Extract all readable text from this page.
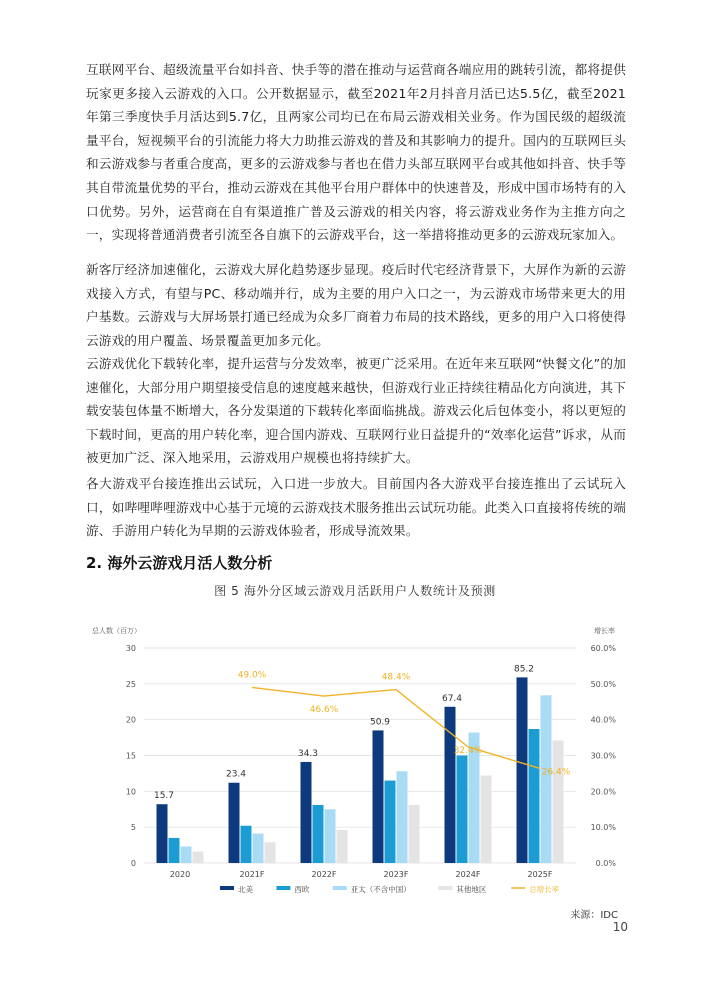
互联网平台、超级流量平台如抖音、快手等的潜在推动与运营商各端应用的跳转引流，都将提供玩家更多接入云游戏的入口。公开数据显示，截至2021年2月抖音月活已达5.5亿，截至2021年第三季度快手月活达到5.7亿，且两家公司均已在布局云游戏相关业务。作为国民级的超级流量平台，短视频平台的引流能力将大力助推云游戏的普及和其影响力的提升。国内的互联网巨头和云游戏参与者重合度高，更多的云游戏参与者也在借力头部互联网平台或其他如抖音、快手等其自带流量优势的平台，推动云游戏在其他平台用户群体中的快速普及，形成中国市场特有的入口优势。另外，运营商在自有渠道推广普及云游戏的相关内容，将云游戏业务作为主推方向之一，实现将普通消费者引流至各自旗下的云游戏平台，这一举措将推动更多的云游戏玩家加入。

新客厅经济加速催化，云游戏大屏化趋势逐步显现。疫后时代宅经济背景下，大屏作为新的云游戏接入方式，有望与PC、移动端并行，成为主要的用户入口之一，为云游戏市场带来更大的用户基数。云游戏与大屏场景打通已经成为众多厂商着力布局的技术路线，更多的用户入口将使得云游戏的用户覆盖、场景覆盖更加多元化。

云游戏优化下载转化率，提升运营与分发效率，被更广泛采用。在近年来互联网“快餐文化”的加速催化，大部分用户期望接受信息的速度越来越快，但游戏行业正持续往精品化方向演进，其下载安装包体量不断增大，各分发渠道的下载转化率面临挑战。游戏云化后包体变小，将以更短的下载时间，更高的用户转化率，迎合国内游戏、互联网行业日益提升的“效率化运营”诉求，从而被更加广泛、深入地采用，云游戏用户规模也将持续扩大。

各大游戏平台接连推出云试玩，入口进一步放大。目前国内各大游戏平台接连推出了云试玩入口，如哔哩哔哩游戏中心基于元境的云游戏技术服务推出云试玩功能。此类入口直接将传统的端游、手游用户转化为早期的云游戏体验者，形成导流效果。

2. 海外云游戏月活人数分析
图 5 海外分区域云游戏月活跃用户人数统计及预测
总人数（百万）	增长率
0	0.0%
5	10.0%
10	20.0%
15	30.0%
20	40.0%
25	50.0%
30	60.0%
15.7
2020
23.4
2021F
34.3
2022F
50.9
2023F
67.4
2024F
85.2
2025F
49.0%
46.6%
48.4%
32.4%
26.4%
北美	西欧	亚太（不含中国）	其他地区	总增长率
来源：IDC
10
